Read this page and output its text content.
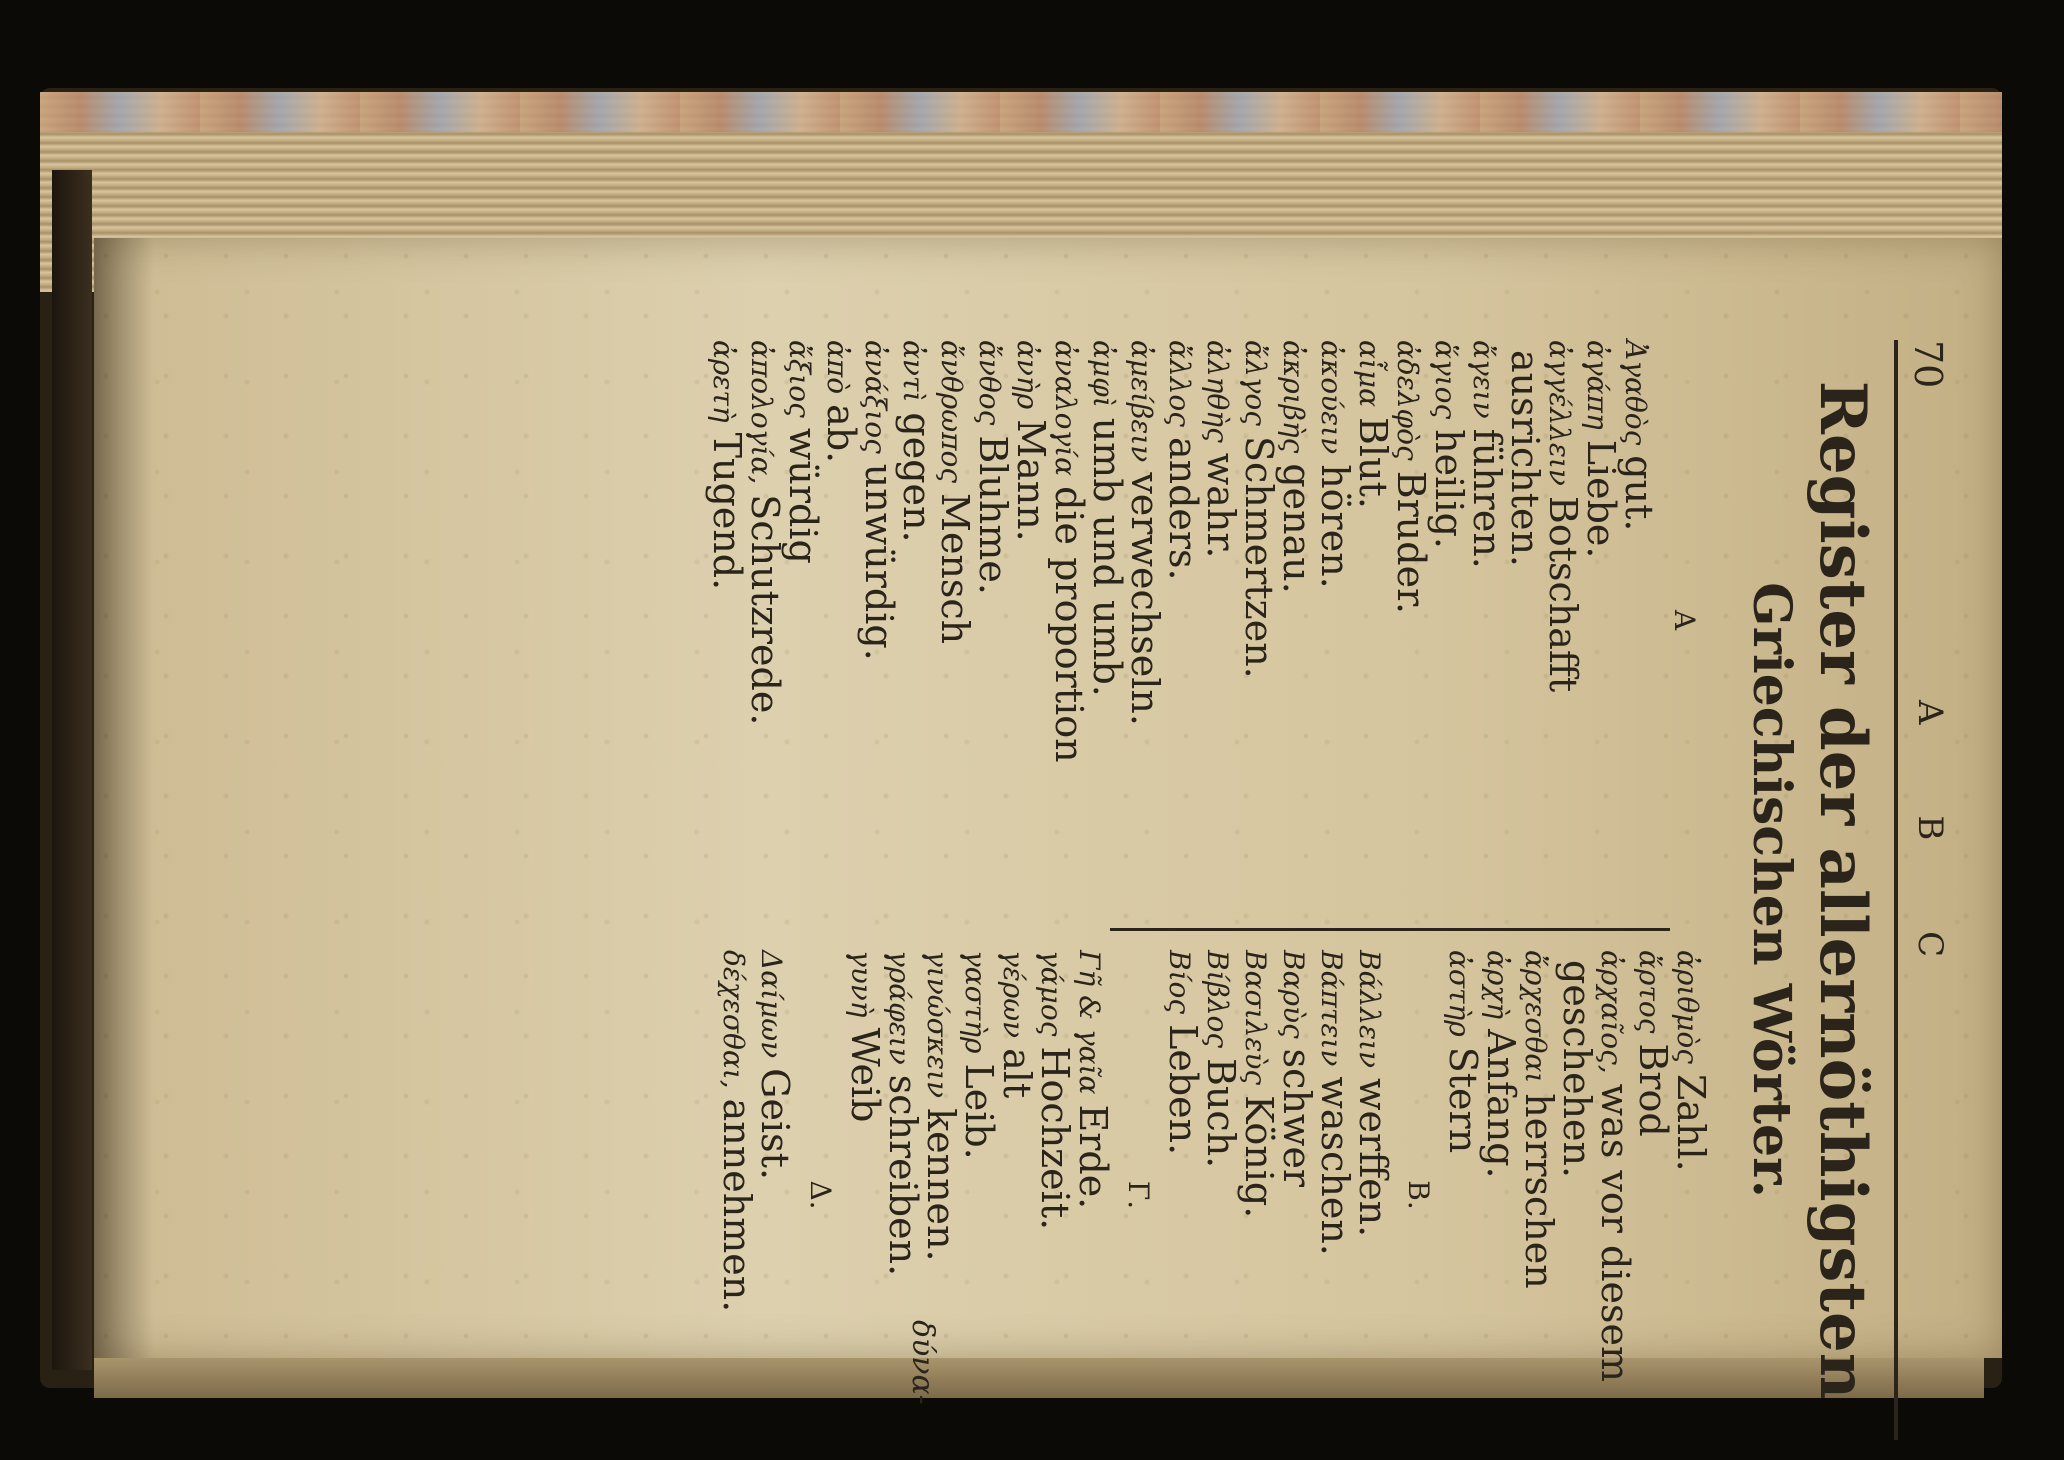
70
A B C
Register der allernöthigsten
Griechischen Wörter.
A
Ἀγαθὸςgut.
ἀγάπηLiebe.
ἀγγέλλεινBotschafft
ausrichten.
ἄγεινführen.
ἅγιοςheilig.
ἀδελφὸςBruder.
αἷμαBlut.
ἀκούεινhören.
ἀκριβὴςgenau.
ἄλγοςSchmertzen.
ἀληθὴςwahr.
ἄλλοςanders.
ἀμείβεινverwechseln.
ἀμφὶumb und umb.
ἀναλογίαdie proportion
ἀνὴρMann.
ἄνθοςBluhme.
ἄνθρωποςMensch
ἀντὶgegen.
ἀνάξιοςunwürdig.
ἀπὸab.
ἄξιοςwürdig
ἀπολογία,Schutzrede.
ἀρετὴTugend.
ἀριθμὸςZahl.
ἄρτοςBrod
ἀρχαῖος,was vor diesem
geschehen.
ἄρχεσθαιherrschen
ἀρχὴAnfang.
ἀστὴρStern
B.
Βάλλεινwerffen.
Βάπτεινwaschen.
Βαρὺςschwer
ΒασιλεὺςKönig.
ΒίβλοςBuch.
ΒίοςLeben.
Γ.
Γῆ & γαῖαErde.
γάμοςHochzeit.
γέρωνalt
γαστὴρLeib.
γινώσκεινkennen.
γράφεινschreiben.
γυνὴWeib
Δ.
ΔαίμωνGeist.
δέχεσθαι,annehmen.
δύνα-
